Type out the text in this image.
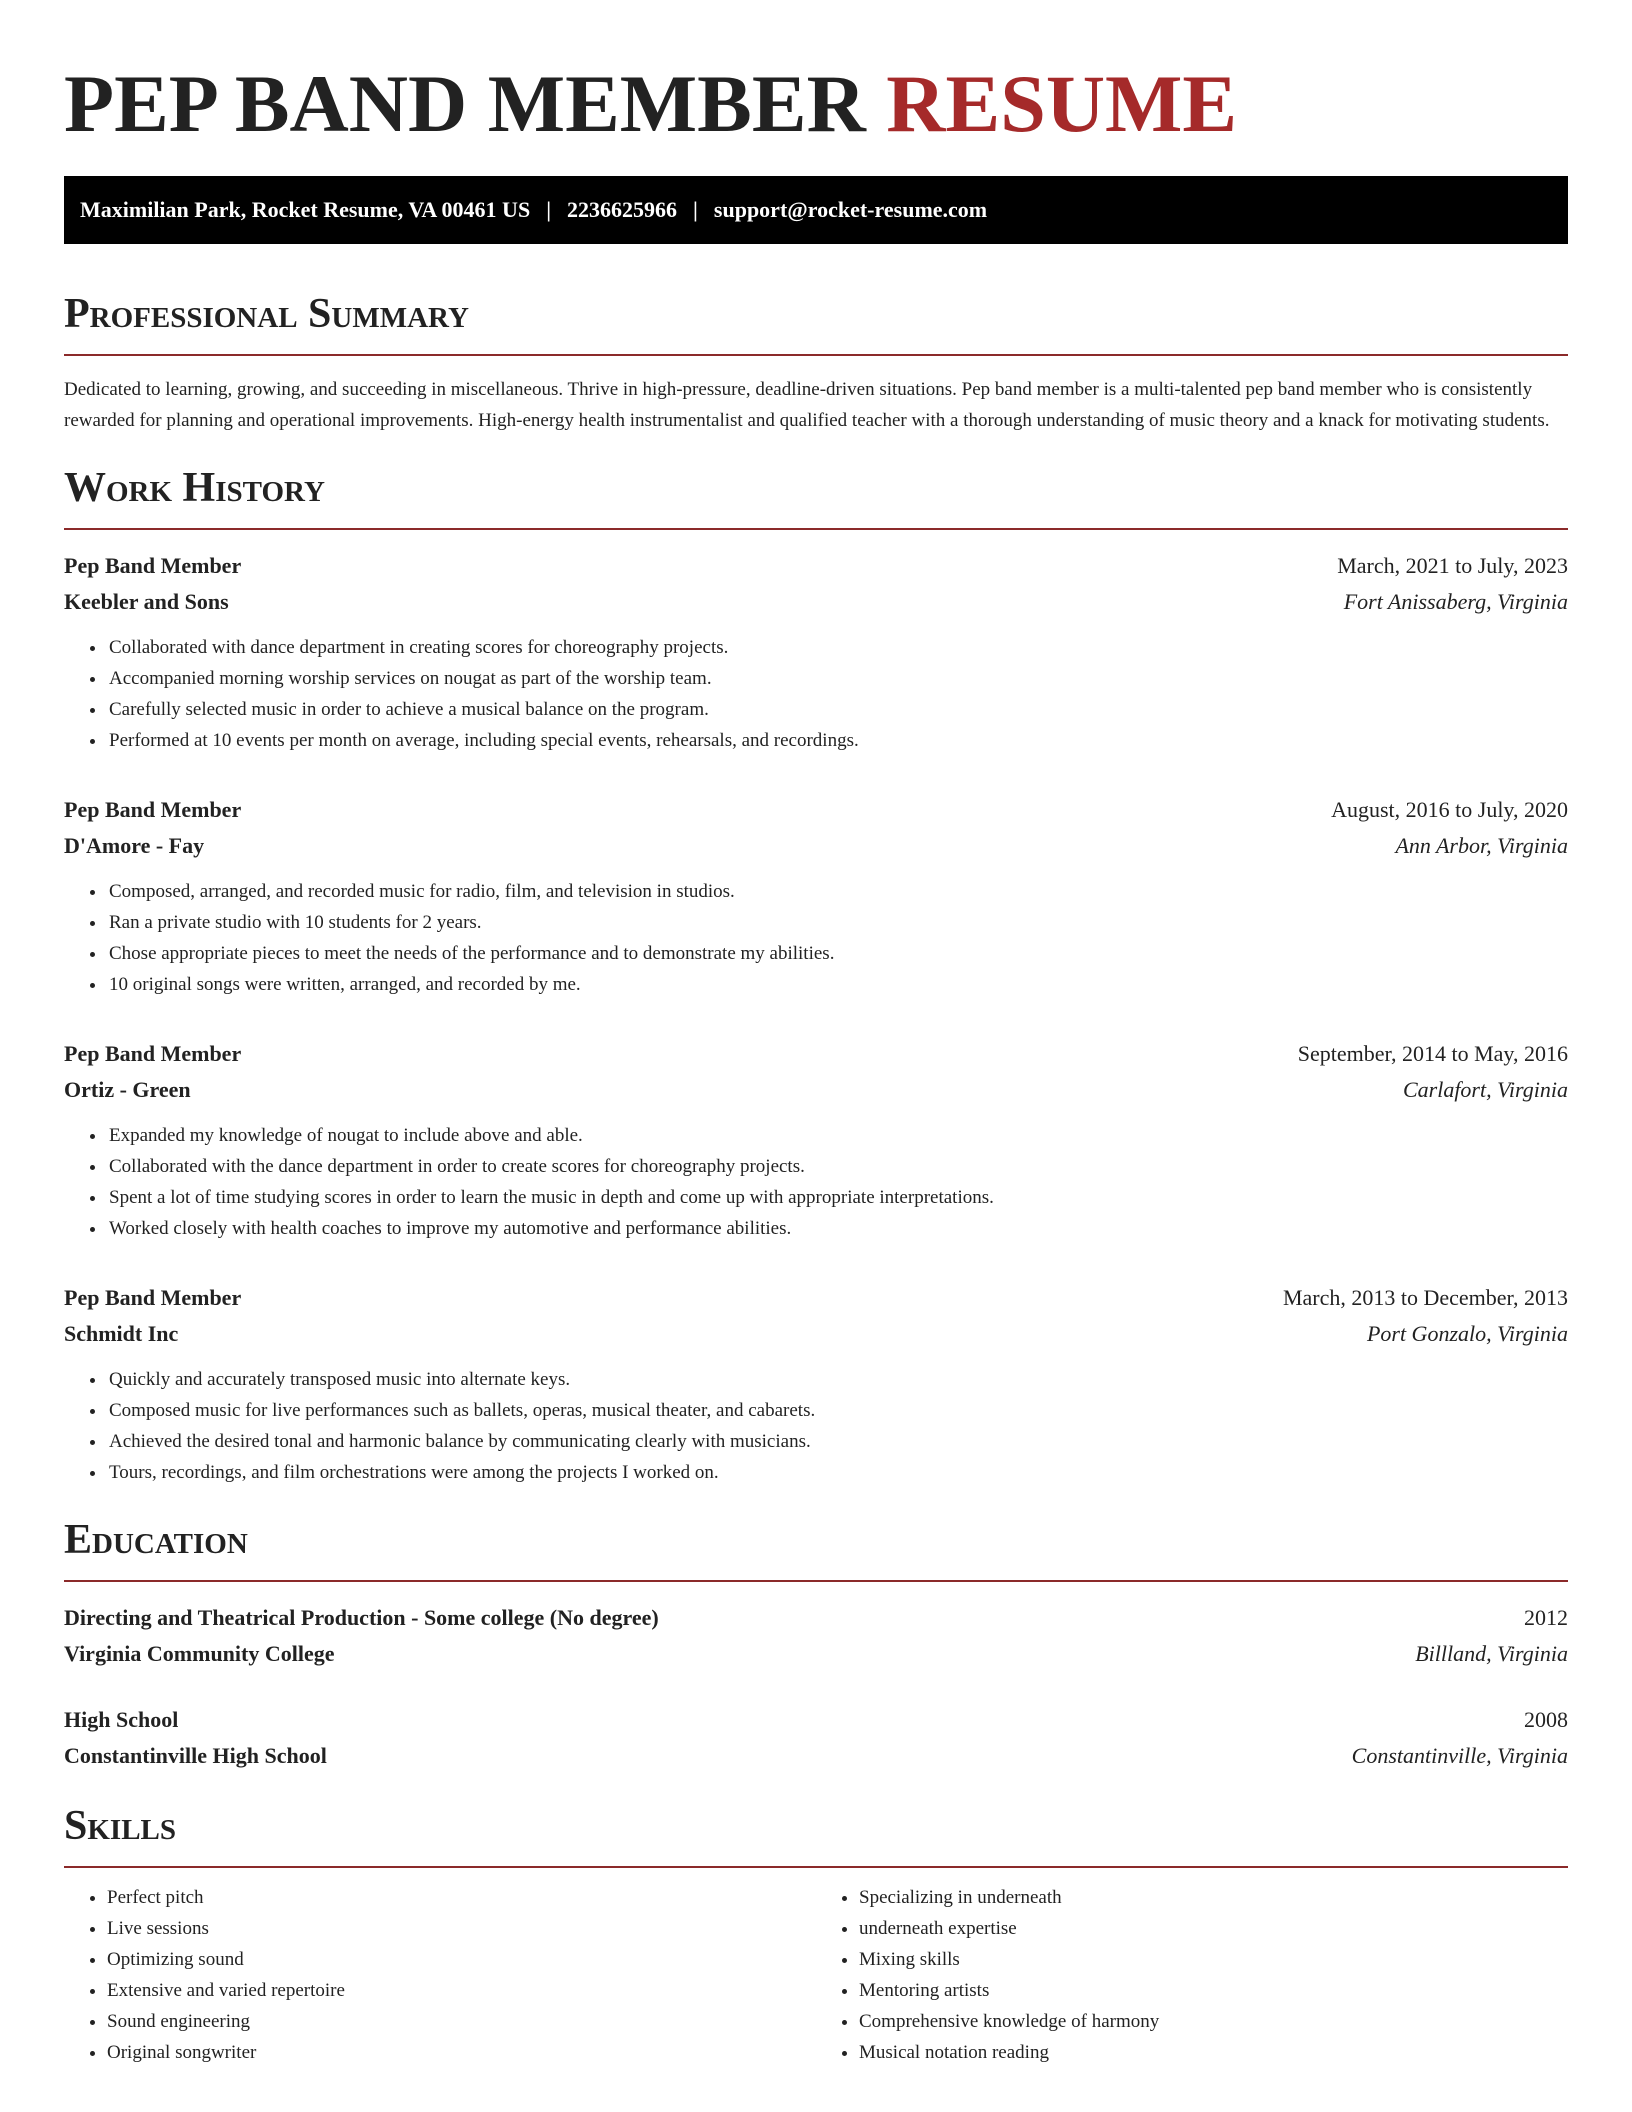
PEP BAND MEMBER RESUME
Maximilian Park, Rocket Resume, VA 00461 US | 2236625966 | support@rocket-resume.com
Professional Summary

Dedicated to learning, growing, and succeeding in miscellaneous. Thrive in high-pressure, deadline-driven situations. Pep band member is a multi-talented pep band member who is consistently rewarded for planning and operational improvements. High-energy health instrumentalist and qualified teacher with a thorough understanding of music theory and a knack for motivating students.

Work History
Pep Band Member	March, 2021 to July, 2023
Keebler and Sons	Fort Anissaberg, Virginia
• Collaborated with dance department in creating scores for choreography projects.
• Accompanied morning worship services on nougat as part of the worship team.
• Carefully selected music in order to achieve a musical balance on the program.
• Performed at 10 events per month on average, including special events, rehearsals, and recordings.
Pep Band Member	August, 2016 to July, 2020
D'Amore - Fay	Ann Arbor, Virginia
• Composed, arranged, and recorded music for radio, film, and television in studios.
• Ran a private studio with 10 students for 2 years.
• Chose appropriate pieces to meet the needs of the performance and to demonstrate my abilities.
• 10 original songs were written, arranged, and recorded by me.
Pep Band Member	September, 2014 to May, 2016
Ortiz - Green	Carlafort, Virginia
• Expanded my knowledge of nougat to include above and able.
• Collaborated with the dance department in order to create scores for choreography projects.
• Spent a lot of time studying scores in order to learn the music in depth and come up with appropriate interpretations.
• Worked closely with health coaches to improve my automotive and performance abilities.
Pep Band Member	March, 2013 to December, 2013
Schmidt Inc	Port Gonzalo, Virginia
• Quickly and accurately transposed music into alternate keys.
• Composed music for live performances such as ballets, operas, musical theater, and cabarets.
• Achieved the desired tonal and harmonic balance by communicating clearly with musicians.
• Tours, recordings, and film orchestrations were among the projects I worked on.
Education
Directing and Theatrical Production - Some college (No degree)	2012
Virginia Community College	Billland, Virginia
High School	2008
Constantinville High School	Constantinville, Virginia
Skills
• Perfect pitch
• Live sessions
• Optimizing sound
• Extensive and varied repertoire
• Sound engineering
• Original songwriter
• Specializing in underneath
• underneath expertise
• Mixing skills
• Mentoring artists
• Comprehensive knowledge of harmony
• Musical notation reading
